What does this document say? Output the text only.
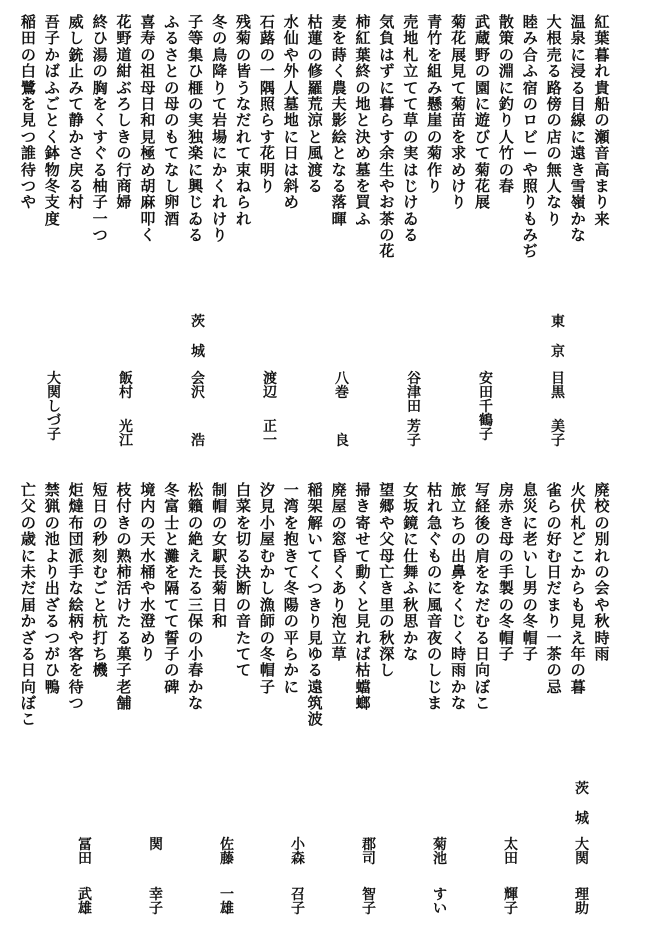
紅
葉
暮
れ
貴
船
の
瀬
音
高
ま
り
来
温
泉
に
浸
る
目
線
に
遠
き
雪
嶺
か
な
大
根
売
る
路
傍
の
店
の
無
人
な
り
睦
み
合
ふ
宿
の
ロ
ビ
ー
や
照
り
も
み
ぢ
散
策
の
淵
に
釣
り
人
竹
の
春
武
蔵
野
の
園
に
遊
び
て
菊
花
展
菊
花
展
見
て
菊
苗
を
求
め
け
り
青
竹
を
組
み
懸
崖
の
菊
作
り
売
地
札
立
て
て
草
の
実
は
じ
け
ゐ
る
気
負
は
ず
に
暮
ら
す
余
生
や
お
茶
の
花
柿
紅
葉
終
の
地
と
決
め
墓
を
買
ふ
麦
を
蒔
く
農
夫
影
絵
と
な
る
落
暉
枯
蓮
の
修
羅
荒
涼
と
風
渡
る
水
仙
や
外
人
墓
地
に
日
は
斜
め
石
蕗
の
一
隅
照
ら
す
花
明
り
残
菊
の
皆
う
な
だ
れ
て
束
ね
ら
れ
冬
の
鳥
降
り
て
岩
場
に
か
く
れ
け
り
子
等
集
ひ
榧
の
実
独
楽
に
興
じ
ゐ
る
ふ
る
さ
と
の
母
の
も
て
な
し
卵
酒
喜
寿
の
祖
母
日
和
見
極
め
胡
麻
叩
く
花
野
道
紺
ぶ
ろ
し
き
の
行
商
婦
終
ひ
湯
の
胸
を
く
す
ぐ
る
柚
子
一
つ
威
し
銃
止
み
て
静
か
さ
戻
る
村
吾
子
か
ば
ふ
ご
と
く
鉢
物
冬
支
度
稲
田
の
白
鷺
を
見
つ
誰
待
つ
や
東
京
目
黒
美
子
安
田
千
鶴
子
谷
津
田
芳
子
八
巻
良
渡
辺
正
一
茨
城
会
沢
浩
飯
村
光
江
大
関
し
づ
子
廃
校
の
別
れ
の
会
や
秋
時
雨
火
伏
札
ど
こ
か
ら
も
見
え
年
の
暮
雀
ら
の
好
む
日
だ
ま
り
一
茶
の
忌
息
災
に
老
い
し
男
の
冬
帽
子
房
赤
き
母
の
手
製
の
冬
帽
子
写
経
後
の
肩
を
な
だ
む
る
日
向
ぼ
こ
旅
立
ち
の
出
鼻
を
く
じ
く
時
雨
か
な
枯
れ
急
ぐ
も
の
に
風
音
夜
の
し
じ
ま
女
坂
鏡
に
仕
舞
ふ
秋
思
か
な
望
郷
や
父
母
亡
き
里
の
秋
深
し
掃
き
寄
せ
て
動
く
と
見
れ
ば
枯
蟷
螂
廃
屋
の
窓
昏
く
あ
り
泡
立
草
稲
架
解
い
て
く
つ
き
り
見
ゆ
る
遠
筑
波
一
湾
を
抱
き
て
冬
陽
の
平
ら
か
に
汐
見
小
屋
む
か
し
漁
師
の
冬
帽
子
白
菜
を
切
る
決
断
の
音
た
て
て
制
帽
の
女
駅
長
菊
日
和
松
籟
の
絶
え
た
る
三
保
の
小
春
か
な
冬
富
士
と
灘
を
隔
て
て
誓
子
の
碑
境
内
の
天
水
桶
や
水
澄
め
り
枝
付
き
の
熟
柿
活
け
た
る
菓
子
老
舗
短
日
の
秒
刻
む
ご
と
杭
打
ち
機
炬
燵
布
団
派
手
な
絵
柄
や
客
を
待
つ
禁
猟
の
池
よ
り
出
ざ
る
つ
が
ひ
鴨
亡
父
の
歳
に
未
だ
届
か
ざ
る
日
向
ぼ
こ
茨
城
大
関
理
助
太
田
輝
子
菊
池
す
い
郡
司
智
子
小
森
召
子
佐
藤
一
雄
関
幸
子
冨
田
武
雄
